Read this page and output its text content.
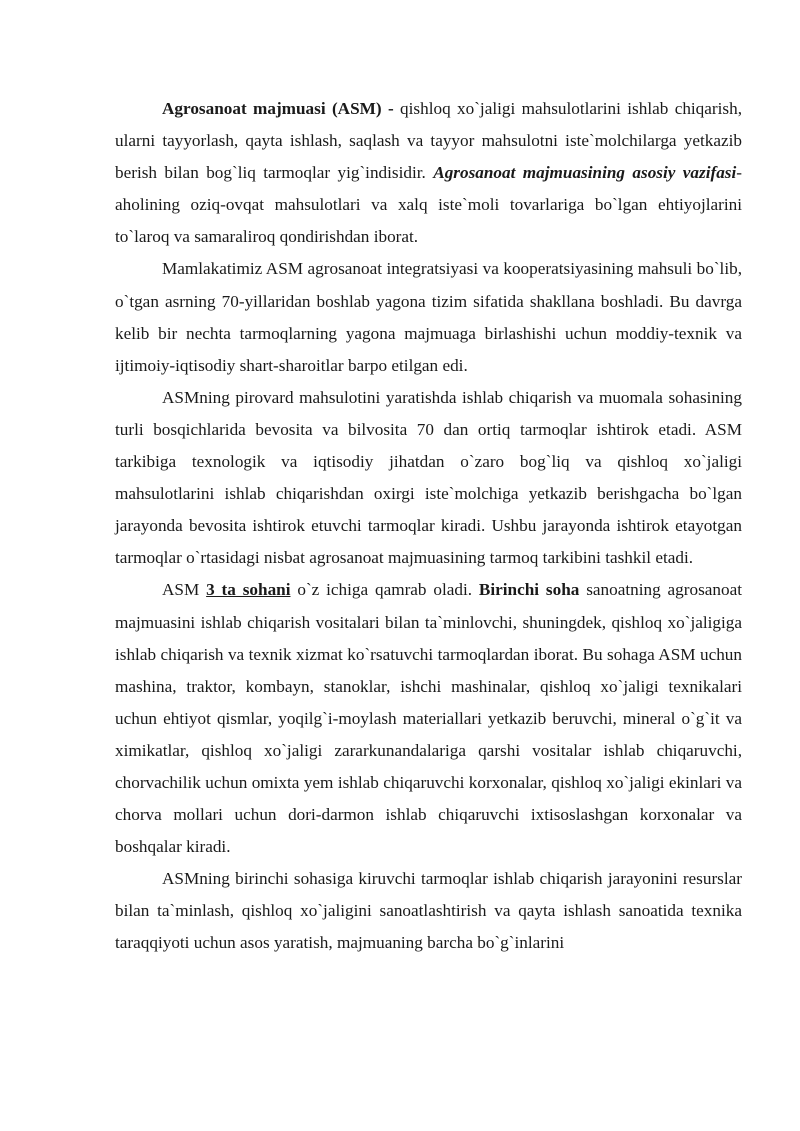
Agrosanoat majmuasi (ASM) - qishloq xo`jaligi mahsulotlarini ishlab chiqarish, ularni tayyorlash, qayta ishlash, saqlash va tayyor mahsulotni iste`molchilarga yetkazib berish bilan bog`liq tarmoqlar yig`indisidir. Agrosanoat majmuasining asosiy vazifasi-aholining oziq-ovqat mahsulotlari va xalq iste`moli tovarlariga bo`lgan ehtiyojlarini to`laroq va samaraliroq qondirishdan iborat.

Mamlakatimiz ASM agrosanoat integratsiyasi va kooperatsiyasining mahsuli bo`lib, o`tgan asrning 70-yillaridan boshlab yagona tizim sifatida shakllana boshladi. Bu davrga kelib bir nechta tarmoqlarning yagona majmuaga birlashishi uchun moddiy-texnik va ijtimoiy-iqtisodiy shart-sharoitlar barpo etilgan edi.

ASMning pirovard mahsulotini yaratishda ishlab chiqarish va muomala sohasining turli bosqichlarida bevosita va bilvosita 70 dan ortiq tarmoqlar ishtirok etadi. ASM tarkibiga texnologik va iqtisodiy jihatdan o`zaro bog`liq va qishloq xo`jaligi mahsulotlarini ishlab chiqarishdan oxirgi iste`molchiga yetkazib berishgacha bo`lgan jarayonda bevosita ishtirok etuvchi tarmoqlar kiradi. Ushbu jarayonda ishtirok etayotgan tarmoqlar o`rtasidagi nisbat agrosanoat majmuasining tarmoq tarkibini tashkil etadi.

ASM 3 ta sohani o`z ichiga qamrab oladi. Birinchi soha sanoatning agrosanoat majmuasini ishlab chiqarish vositalari bilan ta`minlovchi, shuningdek, qishloq xo`jaligiga ishlab chiqarish va texnik xizmat ko`rsatuvchi tarmoqlardan iborat. Bu sohaga ASM uchun mashina, traktor, kombayn, stanoklar, ishchi mashinalar, qishloq xo`jaligi texnikalari uchun ehtiyot qismlar, yoqilg`i-moylash materiallari yetkazib beruvchi, mineral o`g`it va ximikatlar, qishloq xo`jaligi zararkunandalariga qarshi vositalar ishlab chiqaruvchi, chorvachilik uchun omixta yem ishlab chiqaruvchi korxonalar, qishloq xo`jaligi ekinlari va chorva mollari uchun dori-darmon ishlab chiqaruvchi ixtisoslashgan korxonalar va boshqalar kiradi.

ASMning birinchi sohasiga kiruvchi tarmoqlar ishlab chiqarish jarayonini resurslar bilan ta`minlash, qishloq xo`jaligini sanoatlashtirish va qayta ishlash sanoatida texnika taraqqiyoti uchun asos yaratish, majmuaning barcha bo`g`inlarini
